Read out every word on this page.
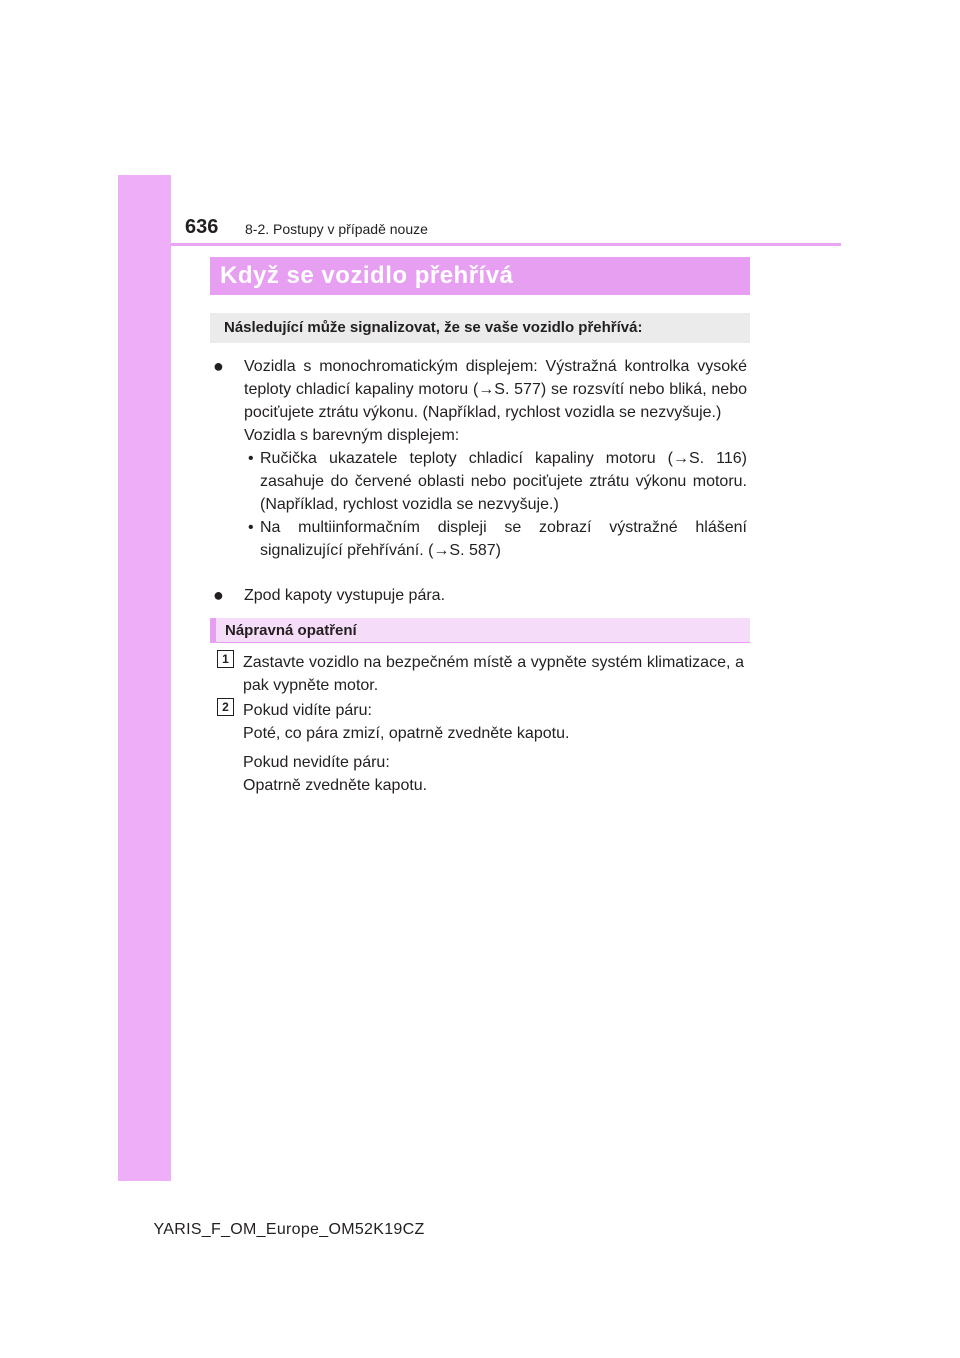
636 8-2. Postupy v případě nouze
Když se vozidlo přehřívá
Následující může signalizovat, že se vaše vozidlo přehřívá:
● Vozidla s monochromatickým displejem: Výstražná kontrolka vysoké teploty chladicí kapaliny motoru (→S. 577) se rozsvítí nebo bliká, nebo pociťujete ztrátu výkonu. (Například, rychlost vozidla se nezvyšuje.)
Vozidla s barevným displejem:
• Ručička ukazatele teploty chladicí kapaliny motoru (→S. 116) zasahuje do červené oblasti nebo pociťujete ztrátu výkonu motoru. (Například, rychlost vozidla se nezvyšuje.)
• Na multiinformačním displeji se zobrazí výstražné hlášení signalizující přehřívání. (→S. 587)
● Zpod kapoty vystupuje pára.
Nápravná opatření
1 Zastavte vozidlo na bezpečném místě a vypněte systém klimatizace, a pak vypněte motor.
2 Pokud vidíte páru:
Poté, co pára zmizí, opatrně zvedněte kapotu.
Pokud nevidíte páru:
Opatrně zvedněte kapotu.
YARIS_F_OM_Europe_OM52K19CZ
